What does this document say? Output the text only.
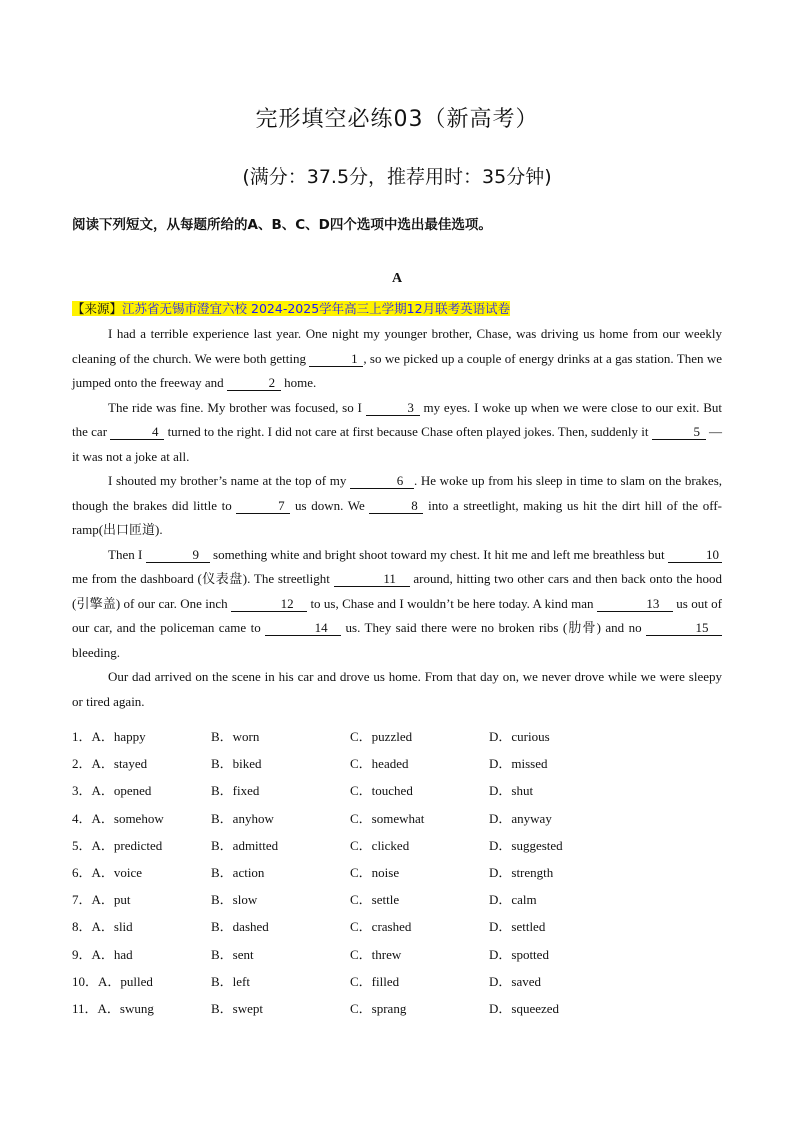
完形填空必练03（新高考）
(满分：37.5分，推荐用时：35分钟)
阅读下列短文，从每题所给的A、B、C、D四个选项中选出最佳选项。
A
【来源】江苏省无锡市澄宜六校 2024-2025学年高三上学期12月联考英语试卷

I had a terrible experience last year. One night my younger brother, Chase, was driving us home from our weekly cleaning of the church. We were both getting	1 , so we picked up a couple of energy drinks at a gas station. Then we jumped onto the freeway and	2 home.

The ride was fine. My brother was focused, so I	3 my eyes. I woke up when we were close to our exit. But the car	4 turned to the right. I did not care at first because Chase often played jokes. Then, suddenly it	5 — it was not a joke at all.

I shouted my brother’s name at the top of my	6 . He woke up from his sleep in time to slam on the brakes, though the brakes did little to	7 us down. We	8 into a streetlight, making us hit the dirt hill of the off-ramp(出口匝道).

Then I	9 something white and bright shoot toward my chest. It hit me and left me breathless but	10 me from the dashboard (仪表盘). The streetlight	11 around, hitting two other cars and then back onto the hood (引擎盖) of our car. One inch	12 to us, Chase and I wouldn’t be here today. A kind man	13 us out of our car, and the policeman came to	14 us. They said there were no broken ribs (肋骨) and no	15 bleeding.

Our dad arrived on the scene in his car and drove us home. From that day on, we never drove while we were sleepy or tired again.

1．A．happy	B．worn	C．puzzled	D．curious
2．A．stayed	B．biked	C．headed	D．missed
3．A．opened	B．fixed	C．touched	D．shut
4．A．somehow	B．anyhow	C．somewhat	D．anyway
5．A．predicted	B．admitted	C．clicked	D．suggested
6．A．voice	B．action	C．noise	D．strength
7．A．put	B．slow	C．settle	D．calm
8．A．slid	B．dashed	C．crashed	D．settled
9．A．had	B．sent	C．threw	D．spotted
10．A．pulled	B．left	C．filled	D．saved
11．A．swung	B．swept	C．sprang	D．squeezed
